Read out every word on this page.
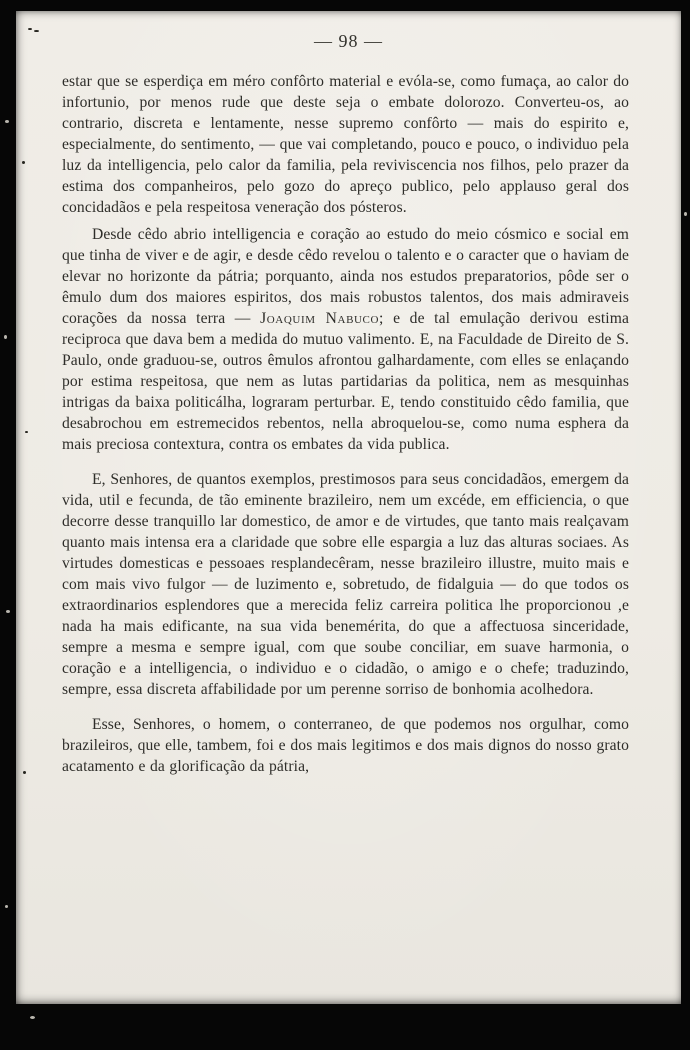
— 98 —

estar que se esperdiça em méro confôrto material e evóla-se, como fumaça, ao calor do infortunio, por menos rude que deste seja o embate dolorozo. Converteu-os, ao contrario, discreta e lentamente, nesse supremo confôrto — mais do espirito e, especialmente, do sentimento, — que vai completando, pouco e pouco, o individuo pela luz da intelligencia, pelo calor da familia, pela reviviscencia nos filhos, pelo prazer da estima dos companheiros, pelo gozo do apreço publico, pelo applauso geral dos concidadãos e pela respeitosa veneração dos pósteros.

Desde cêdo abrio intelligencia e coração ao estudo do meio cósmico e social em que tinha de viver e de agir, e desde cêdo revelou o talento e o caracter que o haviam de elevar no horizonte da pátria; porquanto, ainda nos estudos preparatorios, pôde ser o êmulo dum dos maiores espiritos, dos mais robustos talentos, dos mais admiraveis corações da nossa terra — Joaquim Nabuco; e de tal emulação derivou estima reciproca que dava bem a medida do mutuo valimento. E, na Faculdade de Direito de S. Paulo, onde graduou-se, outros êmulos afrontou galhardamente, com elles se enlaçando por estima respeitosa, que nem as lutas partidarias da politica, nem as mesquinhas intrigas da baixa politicálha, lograram perturbar. E, tendo constituido cêdo familia, que desabrochou em estremecidos rebentos, nella abroquelou-se, como numa esphera da mais preciosa contextura, contra os embates da vida publica.

E, Senhores, de quantos exemplos, prestimosos para seus concidadãos, emergem da vida, util e fecunda, de tão eminente brazileiro, nem um excéde, em efficiencia, o que decorre desse tranquillo lar domestico, de amor e de virtudes, que tanto mais realçavam quanto mais intensa era a claridade que sobre elle espargia a luz das alturas sociaes. As virtudes domesticas e pessoaes resplandecêram, nesse brazileiro illustre, muito mais e com mais vivo fulgor — de luzimento e, sobretudo, de fidalguia — do que todos os extraordinarios esplendores que a merecida feliz carreira politica lhe proporcionou ,e nada ha mais edificante, na sua vida benemérita, do que a affectuosa sinceridade, sempre a mesma e sempre igual, com que soube conciliar, em suave harmonia, o coração e a intelligencia, o individuo e o cidadão, o amigo e o chefe; traduzindo, sempre, essa discreta affabilidade por um perenne sorriso de bonhomia acolhedora.

Esse, Senhores, o homem, o conterraneo, de que podemos nos orgulhar, como brazileiros, que elle, tambem, foi e dos mais legitimos e dos mais dignos do nosso grato acatamento e da glorificação da pátria,
